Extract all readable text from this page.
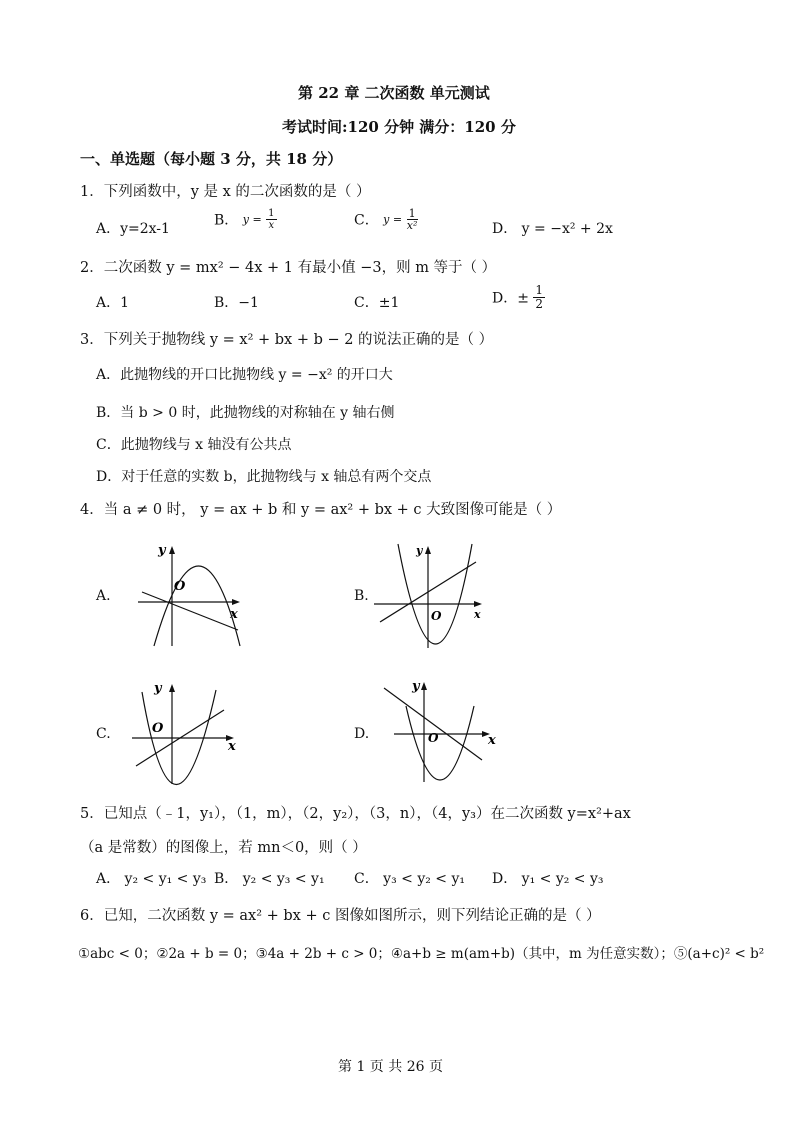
第 22 章 二次函数 单元测试
考试时间:120 分钟 满分：120 分
一、单选题（每小题 3 分，共 18 分）
1．下列函数中，y 是 x 的二次函数的是（ ）
A．y=2x-1
B． $y = \frac{1}{x}$	C． $y = \frac{1}{\text{x²}}$	D． y = −x² + 2x
2．二次函数 y = mx² − 4x + 1 有最小值 −3，则 m 等于（ ）
A．1	B．−1	C．±1	D．± $\frac{1}{2}$
3．下列关于抛物线 y = x² + bx + b − 2 的说法正确的是（ ）
A．此抛物线的开口比抛物线 y = −x² 的开口大
B．当 b > 0 时，此抛物线的对称轴在 y 轴右侧
C．此抛物线与 x 轴没有公共点
D．对于任意的实数 b，此抛物线与 x 轴总有两个交点
4．当 a ≠ 0 时， y = ax + b 和 y = ax² + bx + c 大致图像可能是（ ）
A.
y
x
O
B.
y
x
O
C.
y
x
O	D.
y
x
O
5．已知点（﹣1，y₁），（1，m），（2，y₂），（3，n），（4，y₃）在二次函数 y=x²+ax
（a 是常数）的图像上，若 mn＜0，则（ ）
A． y₂ < y₁ < y₃ B． y₂ < y₃ < y₁ C． y₃ < y₂ < y₁ D． y₁ < y₂ < y₃
6．已知，二次函数 y = ax² + bx + c 图像如图所示，则下列结论正确的是（ ）
①abc < 0；②2a + b = 0；③4a + 2b + c > 0；④a+b ≥ m(am+b)（其中，m 为任意实数）；⑤(a+c)² < b²
第 1 页 共 26 页
